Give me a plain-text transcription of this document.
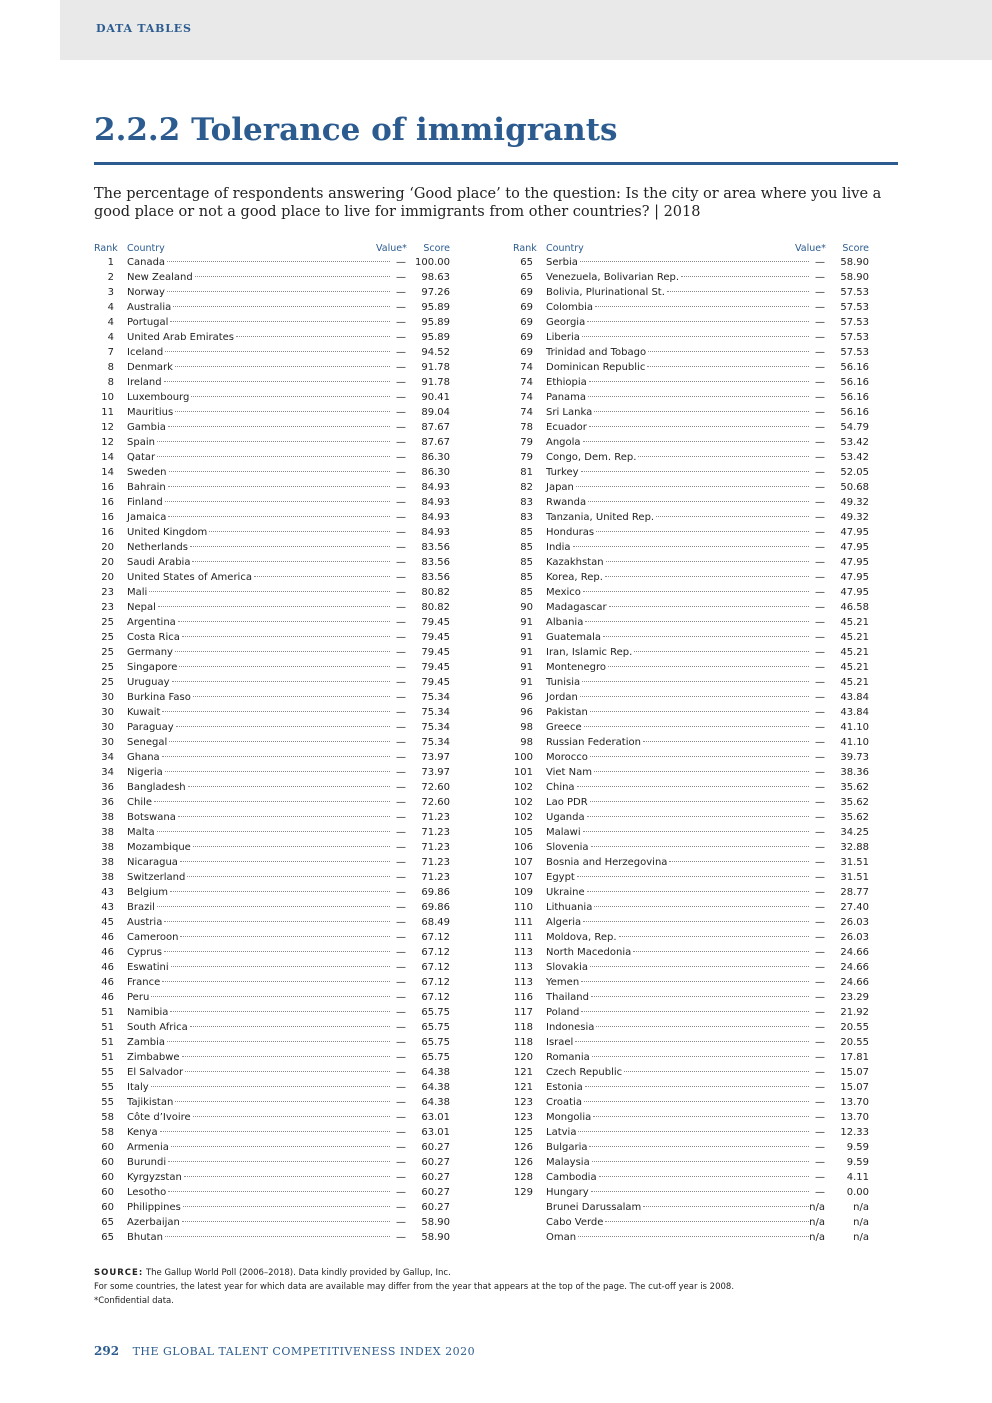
DATA TABLES
2.2.2 Tolerance of immigrants
The percentage of respondents answering ‘Good place’ to the question: Is the city or area where you live a good place or not a good place to live for immigrants from other countries? | 2018
Rank Country	Value*	Score
1 Canada	— 100.00
2 New Zealand	—	98.63
3 Norway	—	97.26
4 Australia	—	95.89
4 Portugal	—	95.89
4 United Arab Emirates	—	95.89
7 Iceland	—	94.52
8 Denmark	—	91.78
8 Ireland	—	91.78
10 Luxembourg	—	90.41
11 Mauritius	—	89.04
12 Gambia	—	87.67
12 Spain	—	87.67
14 Qatar	—	86.30
14 Sweden	—	86.30
16 Bahrain	—	84.93
16 Finland	—	84.93
16 Jamaica	—	84.93
16 United Kingdom	—	84.93
20 Netherlands	—	83.56
20 Saudi Arabia	—	83.56
20 United States of America	—	83.56
23 Mali	—	80.82
23 Nepal	—	80.82
25 Argentina	—	79.45
25 Costa Rica	—	79.45
25 Germany	—	79.45
25 Singapore	—	79.45
25 Uruguay	—	79.45
30 Burkina Faso	—	75.34
30 Kuwait	—	75.34
30 Paraguay	—	75.34
30 Senegal	—	75.34
34 Ghana	—	73.97
34 Nigeria	—	73.97
36 Bangladesh	—	72.60
36 Chile	—	72.60
38 Botswana	—	71.23
38 Malta	—	71.23
38 Mozambique	—	71.23
38 Nicaragua	—	71.23
38 Switzerland	—	71.23
43 Belgium	—	69.86
43 Brazil	—	69.86
45 Austria	—	68.49
46 Cameroon	—	67.12
46 Cyprus	—	67.12
46 Eswatini	—	67.12
46 France	—	67.12
46 Peru	—	67.12
51 Namibia	—	65.75
51 South Africa	—	65.75
51 Zambia	—	65.75
51 Zimbabwe	—	65.75
55 El Salvador	—	64.38
55 Italy	—	64.38
55 Tajikistan	—	64.38
58 Côte d’Ivoire	—	63.01
58 Kenya	—	63.01
60 Armenia	—	60.27
60 Burundi	—	60.27
60 Kyrgyzstan	—	60.27
60 Lesotho	—	60.27
60 Philippines	—	60.27
65 Azerbaijan	—	58.90
65 Bhutan	—	58.90
Rank Country	Value*	Score
65 Serbia	—	58.90
65 Venezuela, Bolivarian Rep.	—	58.90
69 Bolivia, Plurinational St.	—	57.53
69 Colombia	—	57.53
69 Georgia	—	57.53
69 Liberia	—	57.53
69 Trinidad and Tobago	—	57.53
74 Dominican Republic	—	56.16
74 Ethiopia	—	56.16
74 Panama	—	56.16
74 Sri Lanka	—	56.16
78 Ecuador	—	54.79
79 Angola	—	53.42
79 Congo, Dem. Rep.	—	53.42
81 Turkey	—	52.05
82 Japan	—	50.68
83 Rwanda	—	49.32
83 Tanzania, United Rep.	—	49.32
85 Honduras	—	47.95
85 India	—	47.95
85 Kazakhstan	—	47.95
85 Korea, Rep.	—	47.95
85 Mexico	—	47.95
90 Madagascar	—	46.58
91 Albania	—	45.21
91 Guatemala	—	45.21
91 Iran, Islamic Rep.	—	45.21
91 Montenegro	—	45.21
91 Tunisia	—	45.21
96 Jordan	—	43.84
96 Pakistan	—	43.84
98 Greece	—	41.10
98 Russian Federation	—	41.10
100 Morocco	—	39.73
101 Viet Nam	—	38.36
102 China	—	35.62
102 Lao PDR	—	35.62
102 Uganda	—	35.62
105 Malawi	—	34.25
106 Slovenia	—	32.88
107 Bosnia and Herzegovina	—	31.51
107 Egypt	—	31.51
109 Ukraine	—	28.77
110 Lithuania	—	27.40
111 Algeria	—	26.03
111 Moldova, Rep.	—	26.03
113 North Macedonia	—	24.66
113 Slovakia	—	24.66
113 Yemen	—	24.66
116 Thailand	—	23.29
117 Poland	—	21.92
118 Indonesia	—	20.55
118 Israel	—	20.55
120 Romania	—	17.81
121 Czech Republic	—	15.07
121 Estonia	—	15.07
123 Croatia	—	13.70
123 Mongolia	—	13.70
125 Latvia	—	12.33
126 Bulgaria	—	9.59
126 Malaysia	—	9.59
128 Cambodia	—	4.11
129 Hungary	—	0.00
Brunei Darussalam	n/a	n/a
Cabo Verde	n/a	n/a
Oman	n/a	n/a
SOURCE: The Gallup World Poll (2006–2018). Data kindly provided by Gallup, Inc.
For some countries, the latest year for which data are available may differ from the year that appears at the top of the page. The cut-off year is 2008.
*Confidential data.
292 THE GLOBAL TALENT COMPETITIVENESS INDEX 2020
